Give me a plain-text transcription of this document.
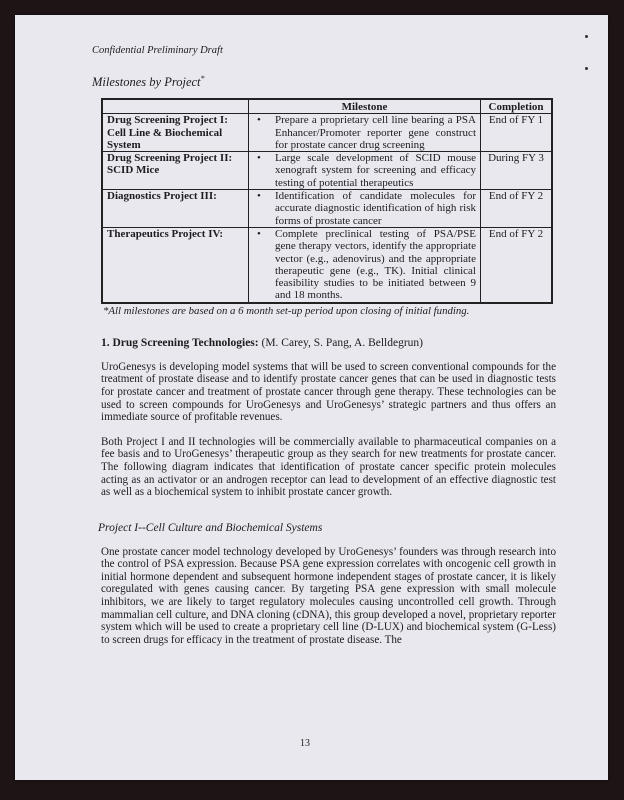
Confidential Preliminary Draft
Milestones by Project*
	Milestone	Completion
Drug Screening Project I: Cell Line & Biochemical System	• Prepare a proprietary cell line bearing a PSA Enhancer/Promoter reporter gene construct for prostate cancer drug screening	End of FY 1
Drug Screening Project II: SCID Mice	• Large scale development of SCID mouse xenograft system for screening and efficacy testing of potential therapeutics	During FY 3
Diagnostics Project III:	• Identification of candidate molecules for accurate diagnostic identification of high risk forms of prostate cancer	End of FY 2
Therapeutics Project IV:	• Complete preclinical testing of PSA/PSE gene therapy vectors, identify the appropriate vector (e.g., adenovirus) and the appropriate therapeutic gene (e.g., TK). Initial clinical feasibility studies to be initiated between 9 and 18 months.	End of FY 2
*All milestones are based on a 6 month set-up period upon closing of initial funding.
1. Drug Screening Technologies: (M. Carey, S. Pang, A. Belldegrun)
UroGenesys is developing model systems that will be used to screen conventional compounds for the treatment of prostate disease and to identify prostate cancer genes that can be used in diagnostic tests for prostate cancer and treatment of prostate cancer through gene therapy. These technologies can be used to screen compounds for UroGenesys and UroGenesys’ strategic partners and thus offers an immediate source of profitable revenues.
Both Project I and II technologies will be commercially available to pharmaceutical companies on a fee basis and to UroGenesys’ therapeutic group as they search for new treatments for prostate cancer. The following diagram indicates that identification of prostate cancer specific protein molecules acting as an activator or an androgen receptor can lead to development of an effective diagnostic test as well as a biochemical system to inhibit prostate cancer growth.
Project I--Cell Culture and Biochemical Systems
One prostate cancer model technology developed by UroGenesys’ founders was through research into the control of PSA expression. Because PSA gene expression correlates with oncogenic cell growth in initial hormone dependent and subsequent hormone independent stages of prostate cancer, it is likely coregulated with genes causing cancer. By targeting PSA gene expression with small molecule inhibitors, we are likely to target regulatory molecules causing uncontrolled cell growth. Through mammalian cell culture, and DNA cloning (cDNA), this group developed a novel, proprietary reporter system which will be used to create a proprietary cell line (D-LUX) and biochemical system (G-Less) to screen drugs for efficacy in the treatment of prostate disease. The
13
